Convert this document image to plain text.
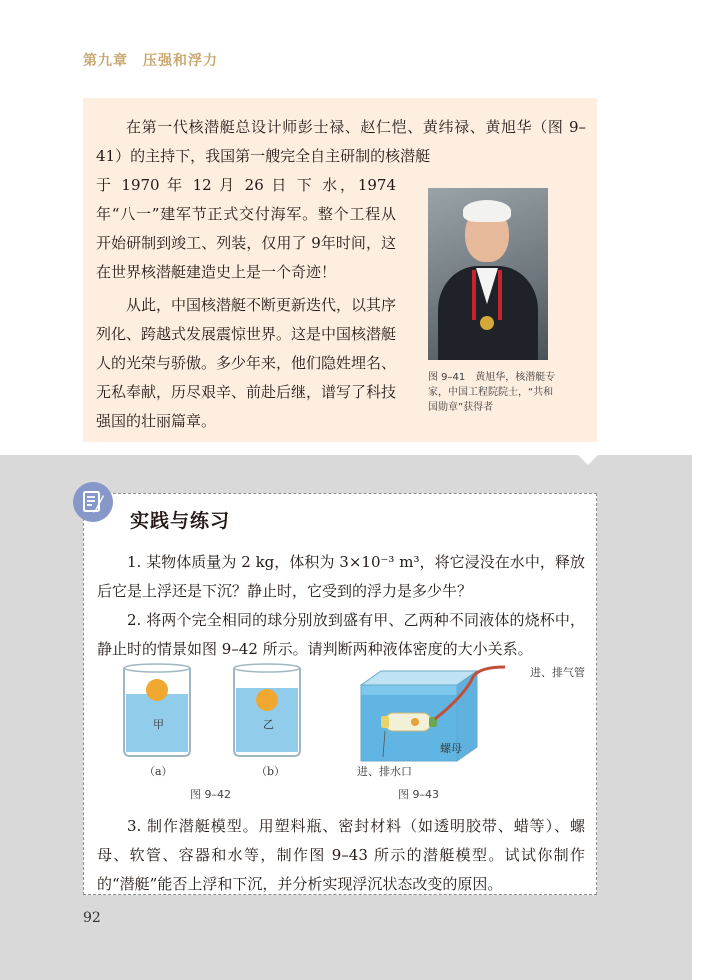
第九章　压强和浮力

在第一代核潜艇总设计师彭士禄、赵仁恺、黄纬禄、黄旭华（图 9–41）的主持下，我国第一艘完全自主研制的核潜艇

于 1970 年 12 月 26 日 下 水，1974 年“八一”建军节正式交付海军。整个工程从开始研制到竣工、列装，仅用了 9年时间，这在世界核潜艇建造史上是一个奇迹！

从此，中国核潜艇不断更新迭代，以其序列化、跨越式发展震惊世界。这是中国核潜艇人的光荣与骄傲。多少年来，他们隐姓埋名、无私奉献，历尽艰辛、前赴后继，谱写了科技强国的壮丽篇章。

图 9–41　黄旭华，核潜艇专家，中国工程院院士，“共和国勋章”获得者
实践与练习

1. 某物体质量为 2 kg，体积为 3×10⁻³ m³，将它浸没在水中，释放后它是上浮还是下沉？静止时，它受到的浮力是多少牛？

2. 将两个完全相同的球分别放到盛有甲、乙两种不同液体的烧杯中，静止时的情景如图 9–42 所示。请判断两种液体密度的大小关系。

甲	乙
（a）	（b）
图 9–42
进、排气管
螺母
进、排水口
图 9–43

3. 制作潜艇模型。用塑料瓶、密封材料（如透明胶带、蜡等）、螺母、软管、容器和水等，制作图 9–43 所示的潜艇模型。试试你制作的“潜艇”能否上浮和下沉，并分析实现浮沉状态改变的原因。

92
